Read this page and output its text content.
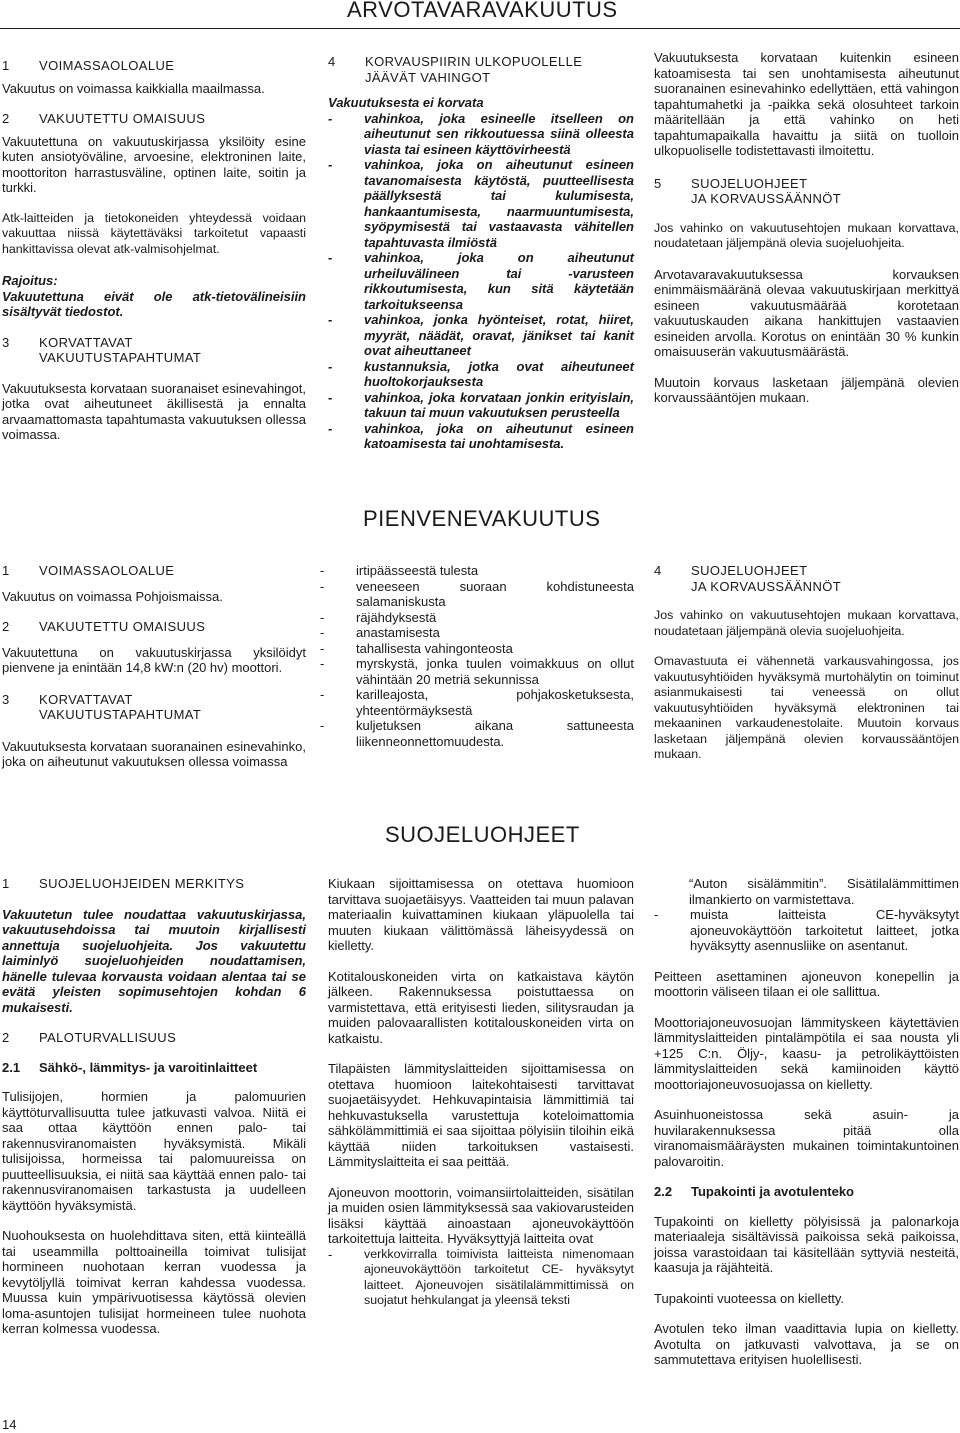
ARVOTAVARAVAKUUTUS
1 VOIMASSAOLOALUE

Vakuutus on voimassa kaikkialla maailmassa.

2 VAKUUTETTU OMAISUUS

Vakuutettuna on vakuutuskirjassa yksilöity esine kuten ansiotyöväline, arvoesine, elektroninen laite, moottoriton harrastusväline, optinen laite, soitin ja turkki.

Atk-laitteiden ja tietokoneiden yhteydessä voidaan vakuuttaa niissä käytettäväksi tarkoitetut vapaasti hankittavissa olevat atk-valmisohjelmat.

Rajoitus:

Vakuutettuna eivät ole atk-tietovälineisiin sisältyvät tiedostot.

3	KORVATTAVAT
VAKUUTUSTAPAHTUMAT

Vakuutuksesta korvataan suoranaiset esinevahingot, jotka ovat aiheutuneet äkillisestä ja ennalta arvaamattomasta tapahtumasta vakuutuksen ollessa voimassa.

4	KORVAUSPIIRIN ULKOPUOLELLE
JÄÄVÄT VAHINGOT

Vakuutuksesta ei korvata

-	vahinkoa, joka esineelle itselleen on aiheutunut sen rikkoutuessa siinä olleesta viasta tai esineen käyttövirheestä
-	vahinkoa, joka on aiheutunut esineen tavanomaisesta käytöstä, puutteellisesta päällyksestä tai kulumisesta, hankaantumisesta, naarmuuntumisesta, syöpymisestä tai vastaavasta vähitellen tapahtuvasta ilmiöstä
-	vahinkoa, joka on aiheutunut urheiluvälineen tai -varusteen rikkoutumisesta, kun sitä käytetään tarkoitukseensa
-	vahinkoa, jonka hyönteiset, rotat, hiiret, myyrät, näädät, oravat, jänikset tai kanit ovat aiheuttaneet
-	kustannuksia, jotka ovat aiheutuneet huoltokorjauksesta
-	vahinkoa, joka korvataan jonkin erityislain, takuun tai muun vakuutuksen perusteella
-	vahinkoa, joka on aiheutunut esineen katoamisesta tai unohtamisesta.

Vakuutuksesta korvataan kuitenkin esineen katoamisesta tai sen unohtamisesta aiheutunut suoranainen esinevahinko edellyttäen, että vahingon tapahtumahetki ja -paikka sekä olosuhteet tarkoin määritellään ja että vahinko on heti tapahtumapaikalla havaittu ja siitä on tuolloin ulkopuoliselle todistettavasti ilmoitettu.

5	SUOJELUOHJEET
JA KORVAUSSÄÄNNÖT

Jos vahinko on vakuutusehtojen mukaan korvattava, noudatetaan jäljempänä olevia suojeluohjeita.

Arvotavaravakuutuksessa korvauksen enimmäismääränä olevaa vakuutuskirjaan merkittyä esineen vakuutusmäärää korotetaan vakuutuskauden aikana hankittujen vastaavien esineiden arvolla. Korotus on enintään 30 % kunkin omaisuuserän vakuutusmäärästä.

Muutoin korvaus lasketaan jäljempänä olevien korvaussääntöjen mukaan.

PIENVENEVAKUUTUS
1 VOIMASSAOLOALUE

Vakuutus on voimassa Pohjoismaissa.

2 VAKUUTETTU OMAISUUS

Vakuutettuna on vakuutuskirjassa yksilöidyt pienvene ja enintään 14,8 kW:n (20 hv) moottori.

3	KORVATTAVAT
VAKUUTUSTAPAHTUMAT

Vakuutuksesta korvataan suoranainen esinevahinko, joka on aiheutunut vakuutuksen ollessa voimassa

-	irtipäässeestä tulesta
-	veneeseen suoraan kohdistuneesta salamaniskusta
-	räjähdyksestä
-	anastamisesta
-	tahallisesta vahingonteosta
-	myrskystä, jonka tuulen voimakkuus on ollut vähintään 20 metriä sekunnissa
-	karilleajosta, pohjakosketuksesta, yhteentörmäyksestä
-	kuljetuksen aikana sattuneesta liikenneonnettomuudesta.
4	SUOJELUOHJEET
JA KORVAUSSÄÄNNÖT

Jos vahinko on vakuutusehtojen mukaan korvattava, noudatetaan jäljempänä olevia suojeluohjeita.

Omavastuuta ei vähennetä varkausvahingossa, jos vakuutusyhtiöiden hyväksymä murtohälytin on toiminut asianmukaisesti tai veneessä on ollut vakuutusyhtiöiden hyväksymä elektroninen tai mekaaninen varkaudenestolaite. Muutoin korvaus lasketaan jäljempänä olevien korvaussääntöjen mukaan.

SUOJELUOHJEET
1 SUOJELUOHJEIDEN MERKITYS

Vakuutetun tulee noudattaa vakuutuskirjassa, vakuutusehdoissa tai muutoin kirjallisesti annettuja suojeluohjeita. Jos vakuutettu laiminlyö suojeluohjeiden noudattamisen, hänelle tulevaa korvausta voidaan alentaa tai se evätä yleisten sopimusehtojen kohdan 6 mukaisesti.

2 PALOTURVALLISUUS
2.1 Sähkö-, lämmitys- ja varoitinlaitteet

Tulisijojen, hormien ja palomuurien käyttöturvallisuutta tulee jatkuvasti valvoa. Niitä ei saa ottaa käyttöön ennen palo- tai rakennusviranomaisten hyväksymistä. Mikäli tulisijoissa, hormeissa tai palomuureissa on puutteellisuuksia, ei niitä saa käyttää ennen palo- tai rakennusviranomaisen tarkastusta ja uudelleen käyttöön hyväksymistä.

Nuohouksesta on huolehdittava siten, että kiinteällä tai useammilla polttoaineilla toimivat tulisijat hormineen nuohotaan kerran vuodessa ja kevytöljyllä toimivat kerran kahdessa vuodessa. Muussa kuin ympärivuotisessa käytössä olevien loma-asuntojen tulisijat hormeineen tulee nuohota kerran kolmessa vuodessa.

Kiukaan sijoittamisessa on otettava huomioon tarvittava suojaetäisyys. Vaatteiden tai muun palavan materiaalin kuivattaminen kiukaan yläpuolella tai muuten kiukaan välittömässä läheisyydessä on kielletty.

Kotitalouskoneiden virta on katkaistava käytön jälkeen. Rakennuksessa poistuttaessa on varmistettava, että erityisesti lieden, silitysraudan ja muiden palovaarallisten kotitalouskoneiden virta on katkaistu.

Tilapäisten lämmityslaitteiden sijoittamisessa on otettava huomioon laitekohtaisesti tarvittavat suojaetäisyydet. Hehkuvapintaisia lämmittimiä tai hehkuvastuksella varustettuja koteloimattomia sähkölämmittimiä ei saa sijoittaa pölyisiin tiloihin eikä käyttää niiden tarkoituksen vastaisesti. Lämmityslaitteita ei saa peittää.

Ajoneuvon moottorin, voimansiirtolaitteiden, sisätilan ja muiden osien lämmityksessä saa vakiovarusteiden lisäksi käyttää ainoastaan ajoneuvokäyttöön tarkoitettuja laitteita. Hyväksyttyjä laitteita ovat

-	verkkovirralla toimivista laitteista nimenomaan ajoneuvokäyttöön tarkoitetut CE- hyväksytyt laitteet. Ajoneuvojen sisätilalämmittimissä on suojatut hehkulangat ja yleensä teksti

“Auton sisälämmitin”. Sisätilalämmittimen ilmankierto on varmistettava.

-	muista laitteista CE-hyväksytyt ajoneuvokäyttöön tarkoitetut laitteet, jotka hyväksytty asennusliike on asentanut.

Peitteen asettaminen ajoneuvon konepellin ja moottorin väliseen tilaan ei ole sallittua.

Moottoriajoneuvosuojan lämmityskeen käytettävien lämmityslaitteiden pintalämpötila ei saa nousta yli +125 C:n. Öljy-, kaasu- ja petrolikäyttöisten lämmityslaitteiden sekä kamiinoiden käyttö moottoriajoneuvosuojassa on kielletty.

Asuinhuoneistossa sekä asuin- ja huvilarakennuksessa pitää olla viranomaismääräysten mukainen toimintakuntoinen palovaroitin.

2.2 Tupakointi ja avotulenteko

Tupakointi on kielletty pölyisissä ja palonarkoja materiaaleja sisältävissä paikoissa sekä paikoissa, joissa varastoidaan tai käsitellään syttyviä nesteitä, kaasuja ja räjähteitä.

Tupakointi vuoteessa on kielletty.

Avotulen teko ilman vaadittavia lupia on kielletty. Avotulta on jatkuvasti valvottava, ja se on sammutettava erityisen huolellisesti.

14
